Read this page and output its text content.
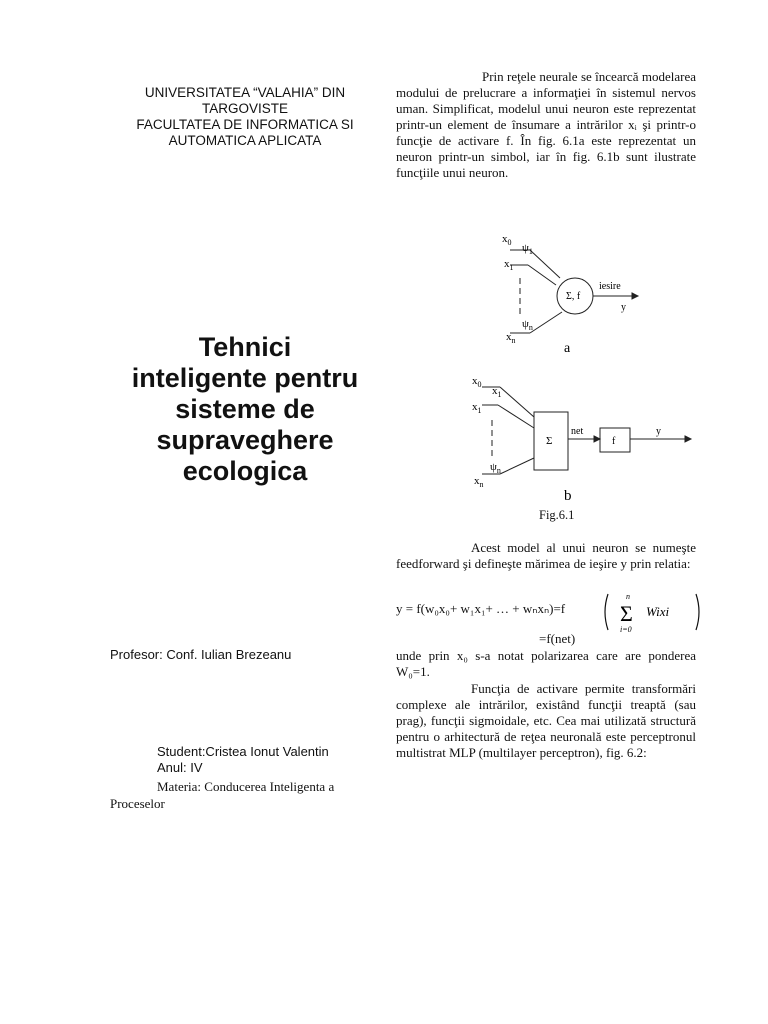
UNIVERSITATEA “VALAHIA” DIN
TARGOVISTE
FACULTATEA DE INFORMATICA SI
AUTOMATICA APLICATA
Tehnici
inteligente pentru
sisteme de
supraveghere
ecologica
Profesor: Conf. Iulian Brezeanu
Student:Cristea Ionut Valentin
Anul: IV
Materia: Conducerea Inteligenta a
Proceselor
Prin reţele neurale se încearcă modelarea modului de prelucrare a informaţiei în sistemul nervos uman. Simplificat, modelul unui neuron este reprezentat printr-un element de însumare a intrărilor xᵢ şi printr-o funcţie de activare f. În fig. 6.1a este reprezentat un neuron printr-un simbol, iar în fig. 6.1b sunt ilustrate funcţiile unui neuron.
$x_0$
$x_1$
$x_n$
$\psi_1$
$\psi_n$
Σ, f
iesire
y
a
$x_0$
$x_1$
$x_n$
$x_1$
$\psi_n$
Σ
net
f
y
b
Fig.6.1
Acest model al unui neuron se numeşte feedforward şi defineşte mărimea de ieşire y prin relatia:
y = f(w₀x₀+ w₁x₁+ … + wₙxₙ)=f Σ
n
i=0
Wixi
=f(net)
unde prin x₀ s-a notat polarizarea care are ponderea W₀=1.
Funcţia de activare permite transformări complexe ale intrărilor, existând funcţii treaptă (sau prag), funcţii sigmoidale, etc. Cea mai utilizată structură pentru o arhitectură de reţea neuronală este perceptronul multistrat MLP (multilayer perceptron), fig. 6.2:
